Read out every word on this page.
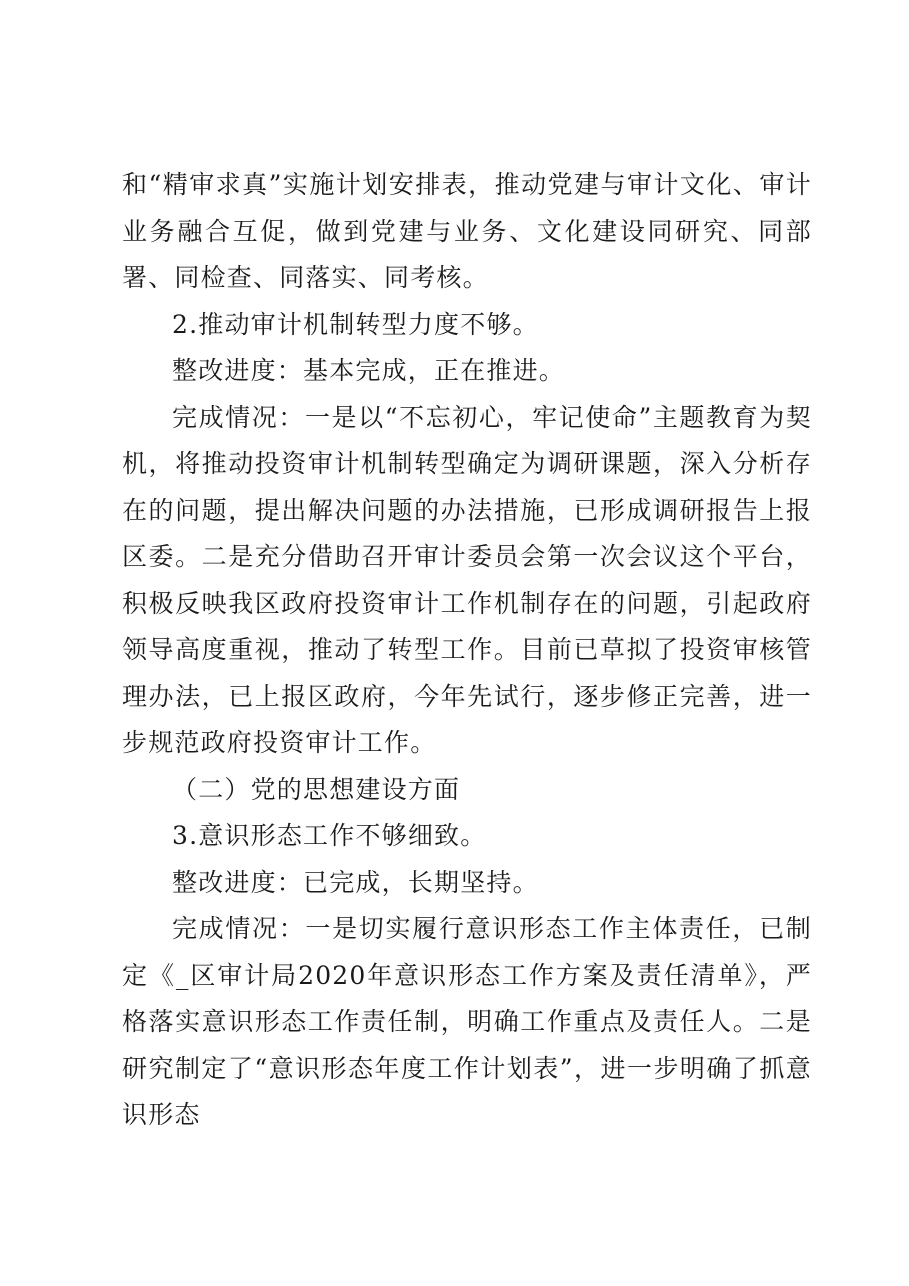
和“精审求真”实施计划安排表，推动党建与审计文化、审计业务融合互促，做到党建与业务、文化建设同研究、同部署、同检查、同落实、同考核。

2.推动审计机制转型力度不够。

整改进度：基本完成，正在推进。

完成情况：一是以“不忘初心，牢记使命”主题教育为契机，将推动投资审计机制转型确定为调研课题，深入分析存在的问题，提出解决问题的办法措施，已形成调研报告上报区委。二是充分借助召开审计委员会第一次会议这个平台，积极反映我区政府投资审计工作机制存在的问题，引起政府领导高度重视，推动了转型工作。目前已草拟了投资审核管理办法，已上报区政府，今年先试行，逐步修正完善，进一步规范政府投资审计工作。

（二）党的思想建设方面

3.意识形态工作不够细致。

整改进度：已完成，长期坚持。

完成情况：一是切实履行意识形态工作主体责任，已制定《_区审计局2020年意识形态工作方案及责任清单》，严格落实意识形态工作责任制，明确工作重点及责任人。二是研究制定了“意识形态年度工作计划表”，进一步明确了抓意识形态
